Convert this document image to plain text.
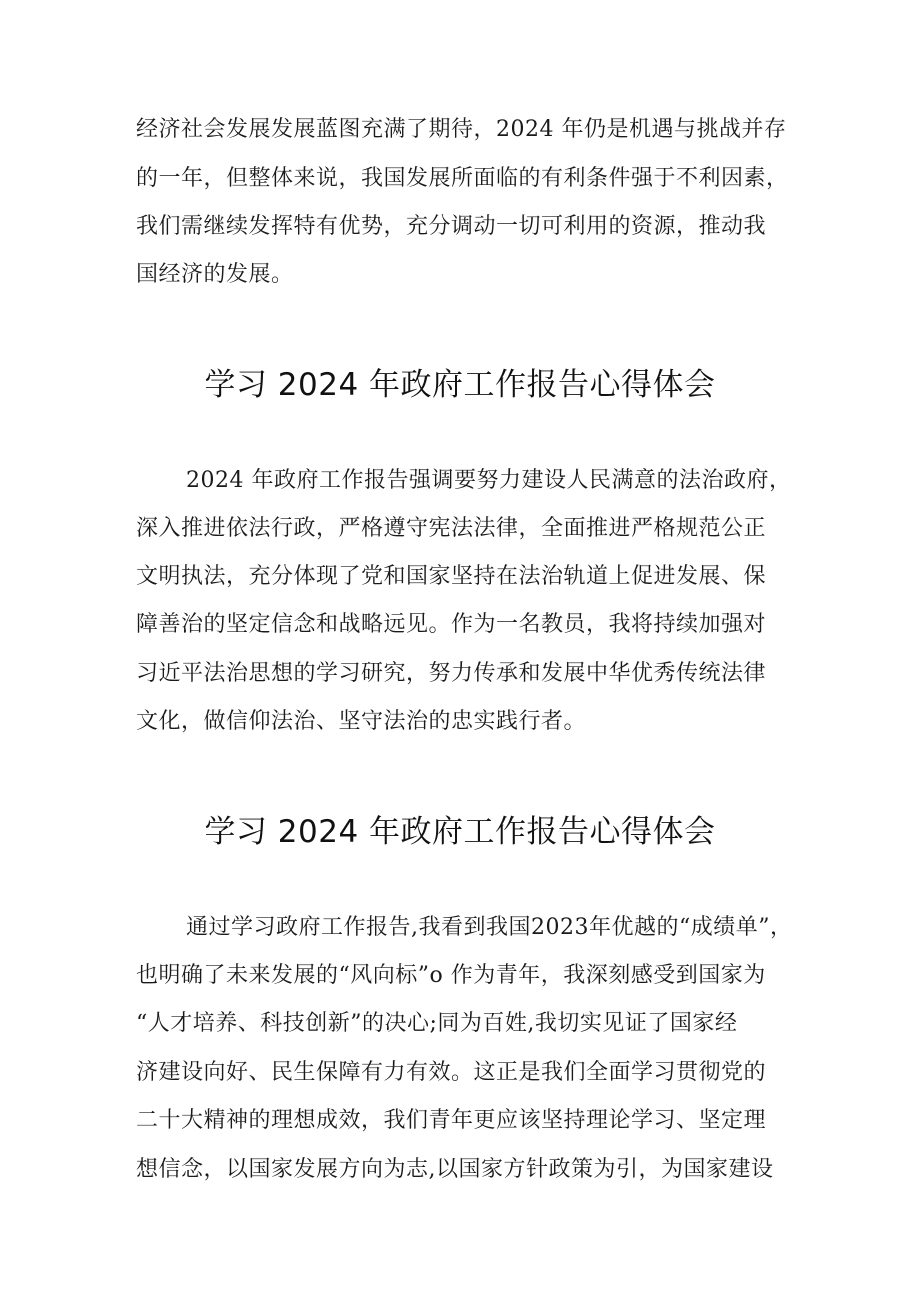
经济社会发展发展蓝图充满了期待，2024 年仍是机遇与挑战并存
的一年，但整体来说，我国发展所面临的有利条件强于不利因素，
我们需继续发挥特有优势，充分调动一切可利用的资源，推动我
国经济的发展。
学习 2024 年政府工作报告心得体会
2024 年政府工作报告强调要努力建设人民满意的法治政府，
深入推进依法行政，严格遵守宪法法律，全面推进严格规范公正
文明执法，充分体现了党和国家坚持在法治轨道上促进发展、保
障善治的坚定信念和战略远见。作为一名教员，我将持续加强对
习近平法治思想的学习研究，努力传承和发展中华优秀传统法律
文化，做信仰法治、坚守法治的忠实践行者。
学习 2024 年政府工作报告心得体会
通过学习政府工作报告,我看到我国2023年优越的“成绩单”，
也明确了未来发展的“风向标”o 作为青年，我深刻感受到国家为
“人才培养、科技创新”的决心;同为百姓,我切实见证了国家经
济建设向好、民生保障有力有效。这正是我们全面学习贯彻党的
二十大精神的理想成效，我们青年更应该坚持理论学习、坚定理
想信念，以国家发展方向为志,以国家方针政策为引，为国家建设
